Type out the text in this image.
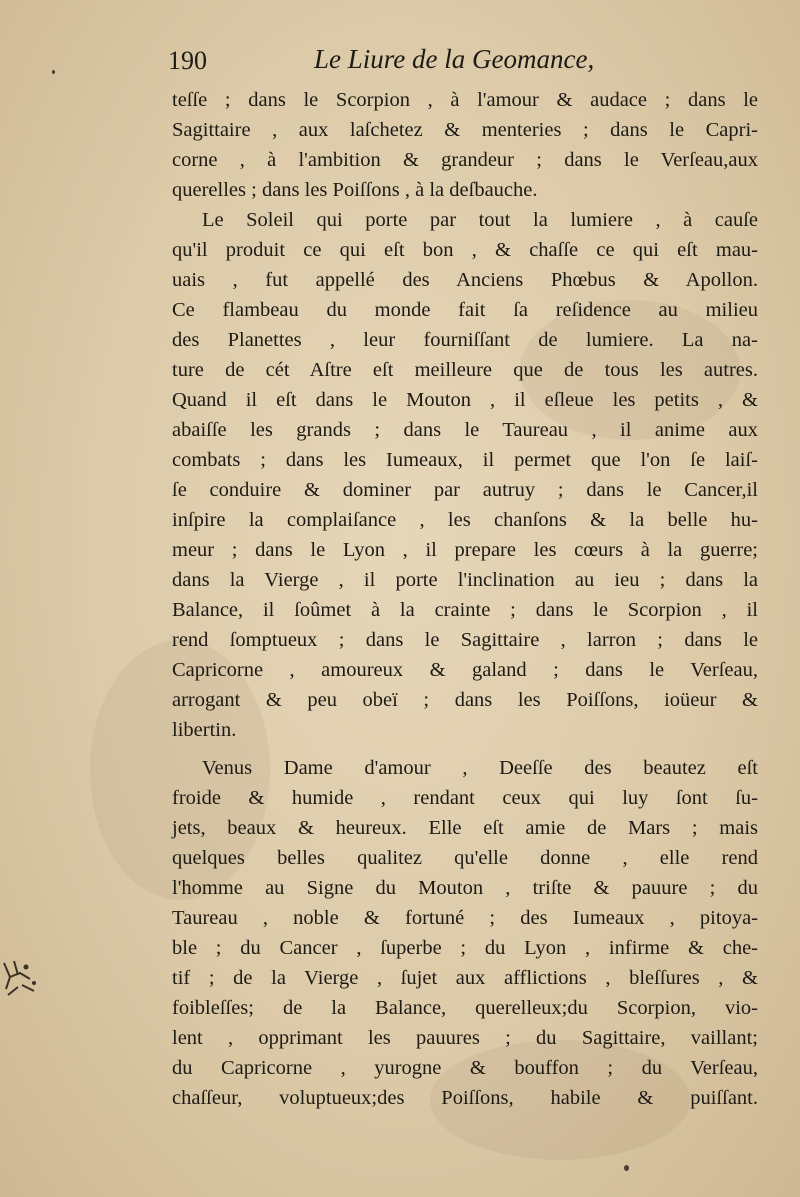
190	Le Liure de la Geomance,
teſſe ; dans le Scorpion , à l'amour & audace ; dans le
Sagittaire , aux laſchetez & menteries ; dans le Capri-
corne , à l'ambition & grandeur ; dans le Verſeau,aux
querelles ; dans les Poiſſons , à la deſbauche.
Le Soleil qui porte par tout la lumiere , à cauſe
qu'il produit ce qui eſt bon , & chaſſe ce qui eſt mau-
uais , fut appellé des Anciens Phœbus & Apollon.
Ce flambeau du monde fait ſa reſidence au milieu
des Planettes , leur fourniſſant de lumiere. La na-
ture de cét Aſtre eſt meilleure que de tous les autres.
Quand il eſt dans le Mouton , il eſleue les petits , &
abaiſſe les grands ; dans le Taureau , il anime aux
combats ; dans les Iumeaux, il permet que l'on ſe laiſ-
ſe conduire & dominer par autruy ; dans le Cancer,il
inſpire la complaiſance , les chanſons & la belle hu-
meur ; dans le Lyon , il prepare les cœurs à la guerre;
dans la Vierge , il porte l'inclination au ieu ; dans la
Balance, il ſoûmet à la crainte ; dans le Scorpion , il
rend ſomptueux ; dans le Sagittaire , larron ; dans le
Capricorne , amoureux & galand ; dans le Verſeau,
arrogant & peu obeï ; dans les Poiſſons, ioüeur &
libertin.
Venus Dame d'amour , Deeſſe des beautez eſt
froide & humide , rendant ceux qui luy ſont ſu-
jets, beaux & heureux. Elle eſt amie de Mars ; mais
quelques belles qualitez qu'elle donne , elle rend
l'homme au Signe du Mouton , triſte & pauure ; du
Taureau , noble & fortuné ; des Iumeaux , pitoya-
ble ; du Cancer , ſuperbe ; du Lyon , infirme & che-
tif ; de la Vierge , ſujet aux afflictions , bleſſures , &
foibleſſes; de la Balance, querelleux;du Scorpion, vio-
lent , opprimant les pauures ; du Sagittaire, vaillant;
du Capricorne , yurogne & bouffon ; du Verſeau,
chaſſeur, voluptueux;des Poiſſons, habile & puiſſant.
